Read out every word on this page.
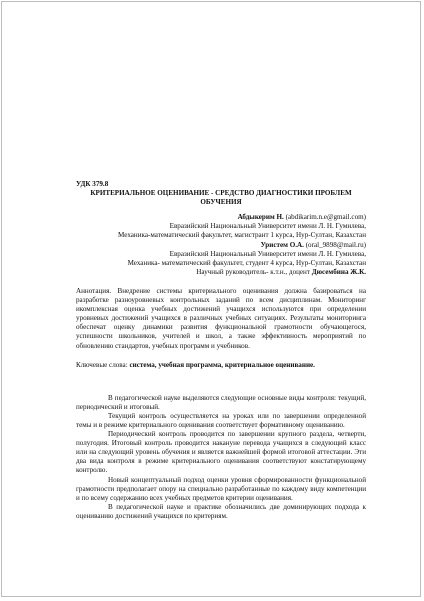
УДК 379.8

КРИТЕРИАЛЬНОЕ ОЦЕНИВАНИЕ - СРЕДСТВО ДИАГНОСТИКИ ПРОБЛЕМ
ОБУЧЕНИЯ
Абдыкерим Н. (abdikarim.n.e@gmail.com)
Евразийский Национальный Университет имени Л. Н. Гумилева,
Механика-математический факультет, магистрант 1 курса, Нур-Султан, Казахстан
Уристем О.А. (oral_9898@mail.ru)
Евразийский Национальный Университет имени Л. Н. Гумилева,
Механика- математический факультет, студент 4 курса, Нур-Султан, Казахстан
Научный руководитель- к.т.н., доцент Дюсембина Ж.К.

Аннотация. Внедрение системы критериального оценивания должна базироваться на разработке разноуровневых контрольных заданий по всем дисциплинам. Мониторинг икомплексная оценка учебных достижений учащихся используются при определении уровневых достижений учащихся в различных учебных ситуациях. Результаты мониторинга обеспечат оценку динамики развития функциональной грамотности обучающегося, успешности школьников, учителей и школ, а также эффективность мероприятий по обновлению стандартов, учебных программ и учебников.

Ключевые слова: система, учебная программа, критериальное оценивание.

В педагогической науке выделяются следующие основные виды контроля: текущий, периодический и итоговый.

Текущий контроль осуществляется на уроках или по завершении определенной темы и в режиме критериального оценивания соответствует формативному оцениванию.

Периодический контроль проводится по завершении крупного раздела, четверти, полугодия. Итоговый контроль проводится накануне перевода учащихся в следующий класс или на следующий уровень обучения и является важнейшей формой итоговой аттестации. Эти два вида контроля в режиме критериального оценивания соответствуют констатирующему контролю.

Новый концептуальный подход оценки уровня сформированности функциональной грамотности предполагает опору на специально разработанные по каждому виду компетенции и по всему содержанию всех учебных предметов критерии оценивания.

В педагогической науке и практике обозначились две доминирующих подхода к оцениванию достижений учащихся по критериям.
